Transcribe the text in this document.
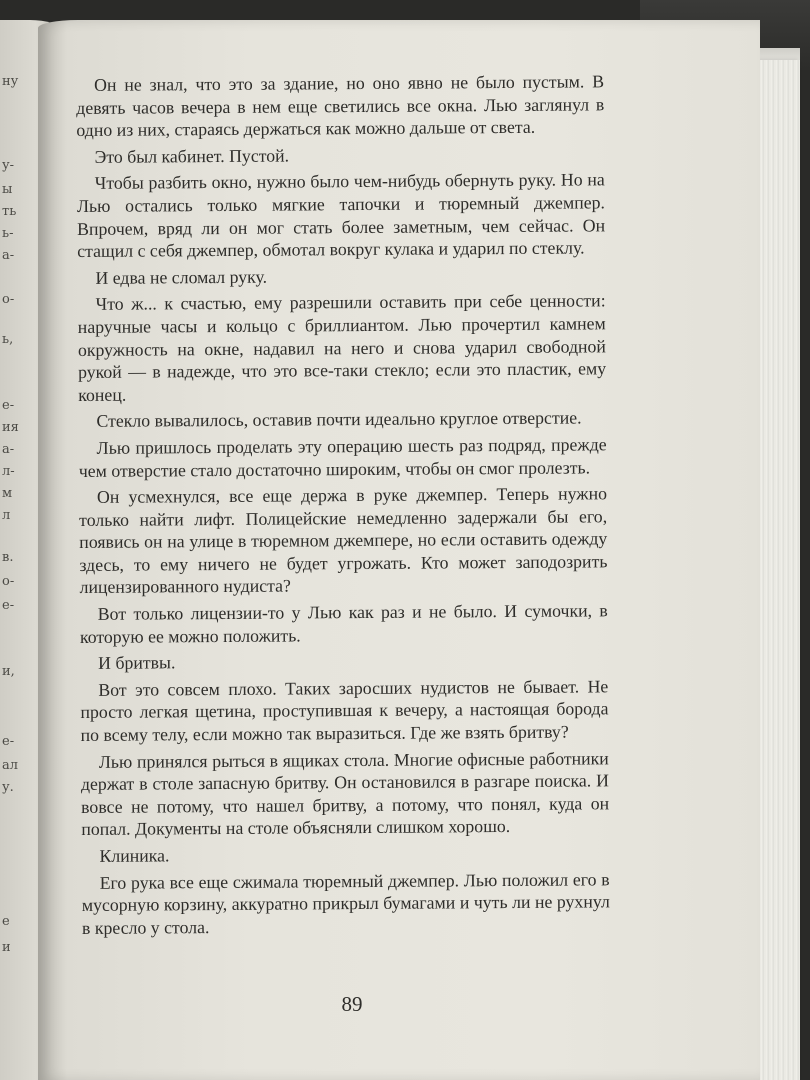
ну
у-
ы
ть
ь-
а-
о-
ь,
е-
ия
а-
л-
м
л
в.
о-
е-
и,
е-
ал
у.
е
и

Он не знал, что это за здание, но оно явно не было пустым. В девять часов вечера в нем еще светились все окна. Лью заглянул в одно из них, стараясь держаться как можно дальше от света.

Это был кабинет. Пустой.

Чтобы разбить окно, нужно было чем-нибудь обернуть руку. Но на Лью остались только мягкие тапочки и тюремный джемпер. Впрочем, вряд ли он мог стать более заметным, чем сейчас. Он стащил с себя джемпер, обмотал вокруг кулака и ударил по стеклу.

И едва не сломал руку.

Что ж... к счастью, ему разрешили оставить при себе ценности: наручные часы и кольцо с бриллиантом. Лью прочертил камнем окружность на окне, надавил на него и снова ударил свободной рукой — в надежде, что это все-таки стекло; если это пластик, ему конец.

Стекло вывалилось, оставив почти идеально круглое отверстие.

Лью пришлось проделать эту операцию шесть раз подряд, прежде чем отверстие стало достаточно широким, чтобы он смог пролезть.

Он усмехнулся, все еще держа в руке джемпер. Теперь нужно только найти лифт. Полицейские немедленно задержали бы его, появись он на улице в тюремном джемпере, но если оставить одежду здесь, то ему ничего не будет угрожать. Кто может заподозрить лицензированного нудиста?

Вот только лицензии-то у Лью как раз и не было. И сумочки, в которую ее можно положить.

И бритвы.

Вот это совсем плохо. Таких заросших нудистов не бывает. Не просто легкая щетина, проступившая к вечеру, а настоящая борода по всему телу, если можно так выразиться. Где же взять бритву?

Лью принялся рыться в ящиках стола. Многие офисные работники держат в столе запасную бритву. Он остановился в разгаре поиска. И вовсе не потому, что нашел бритву, а потому, что понял, куда он попал. Документы на столе объясняли слишком хорошо.

Клиника.

Его рука все еще сжимала тюремный джемпер. Лью положил его в мусорную корзину, аккуратно прикрыл бумагами и чуть ли не рухнул в кресло у стола.

89
